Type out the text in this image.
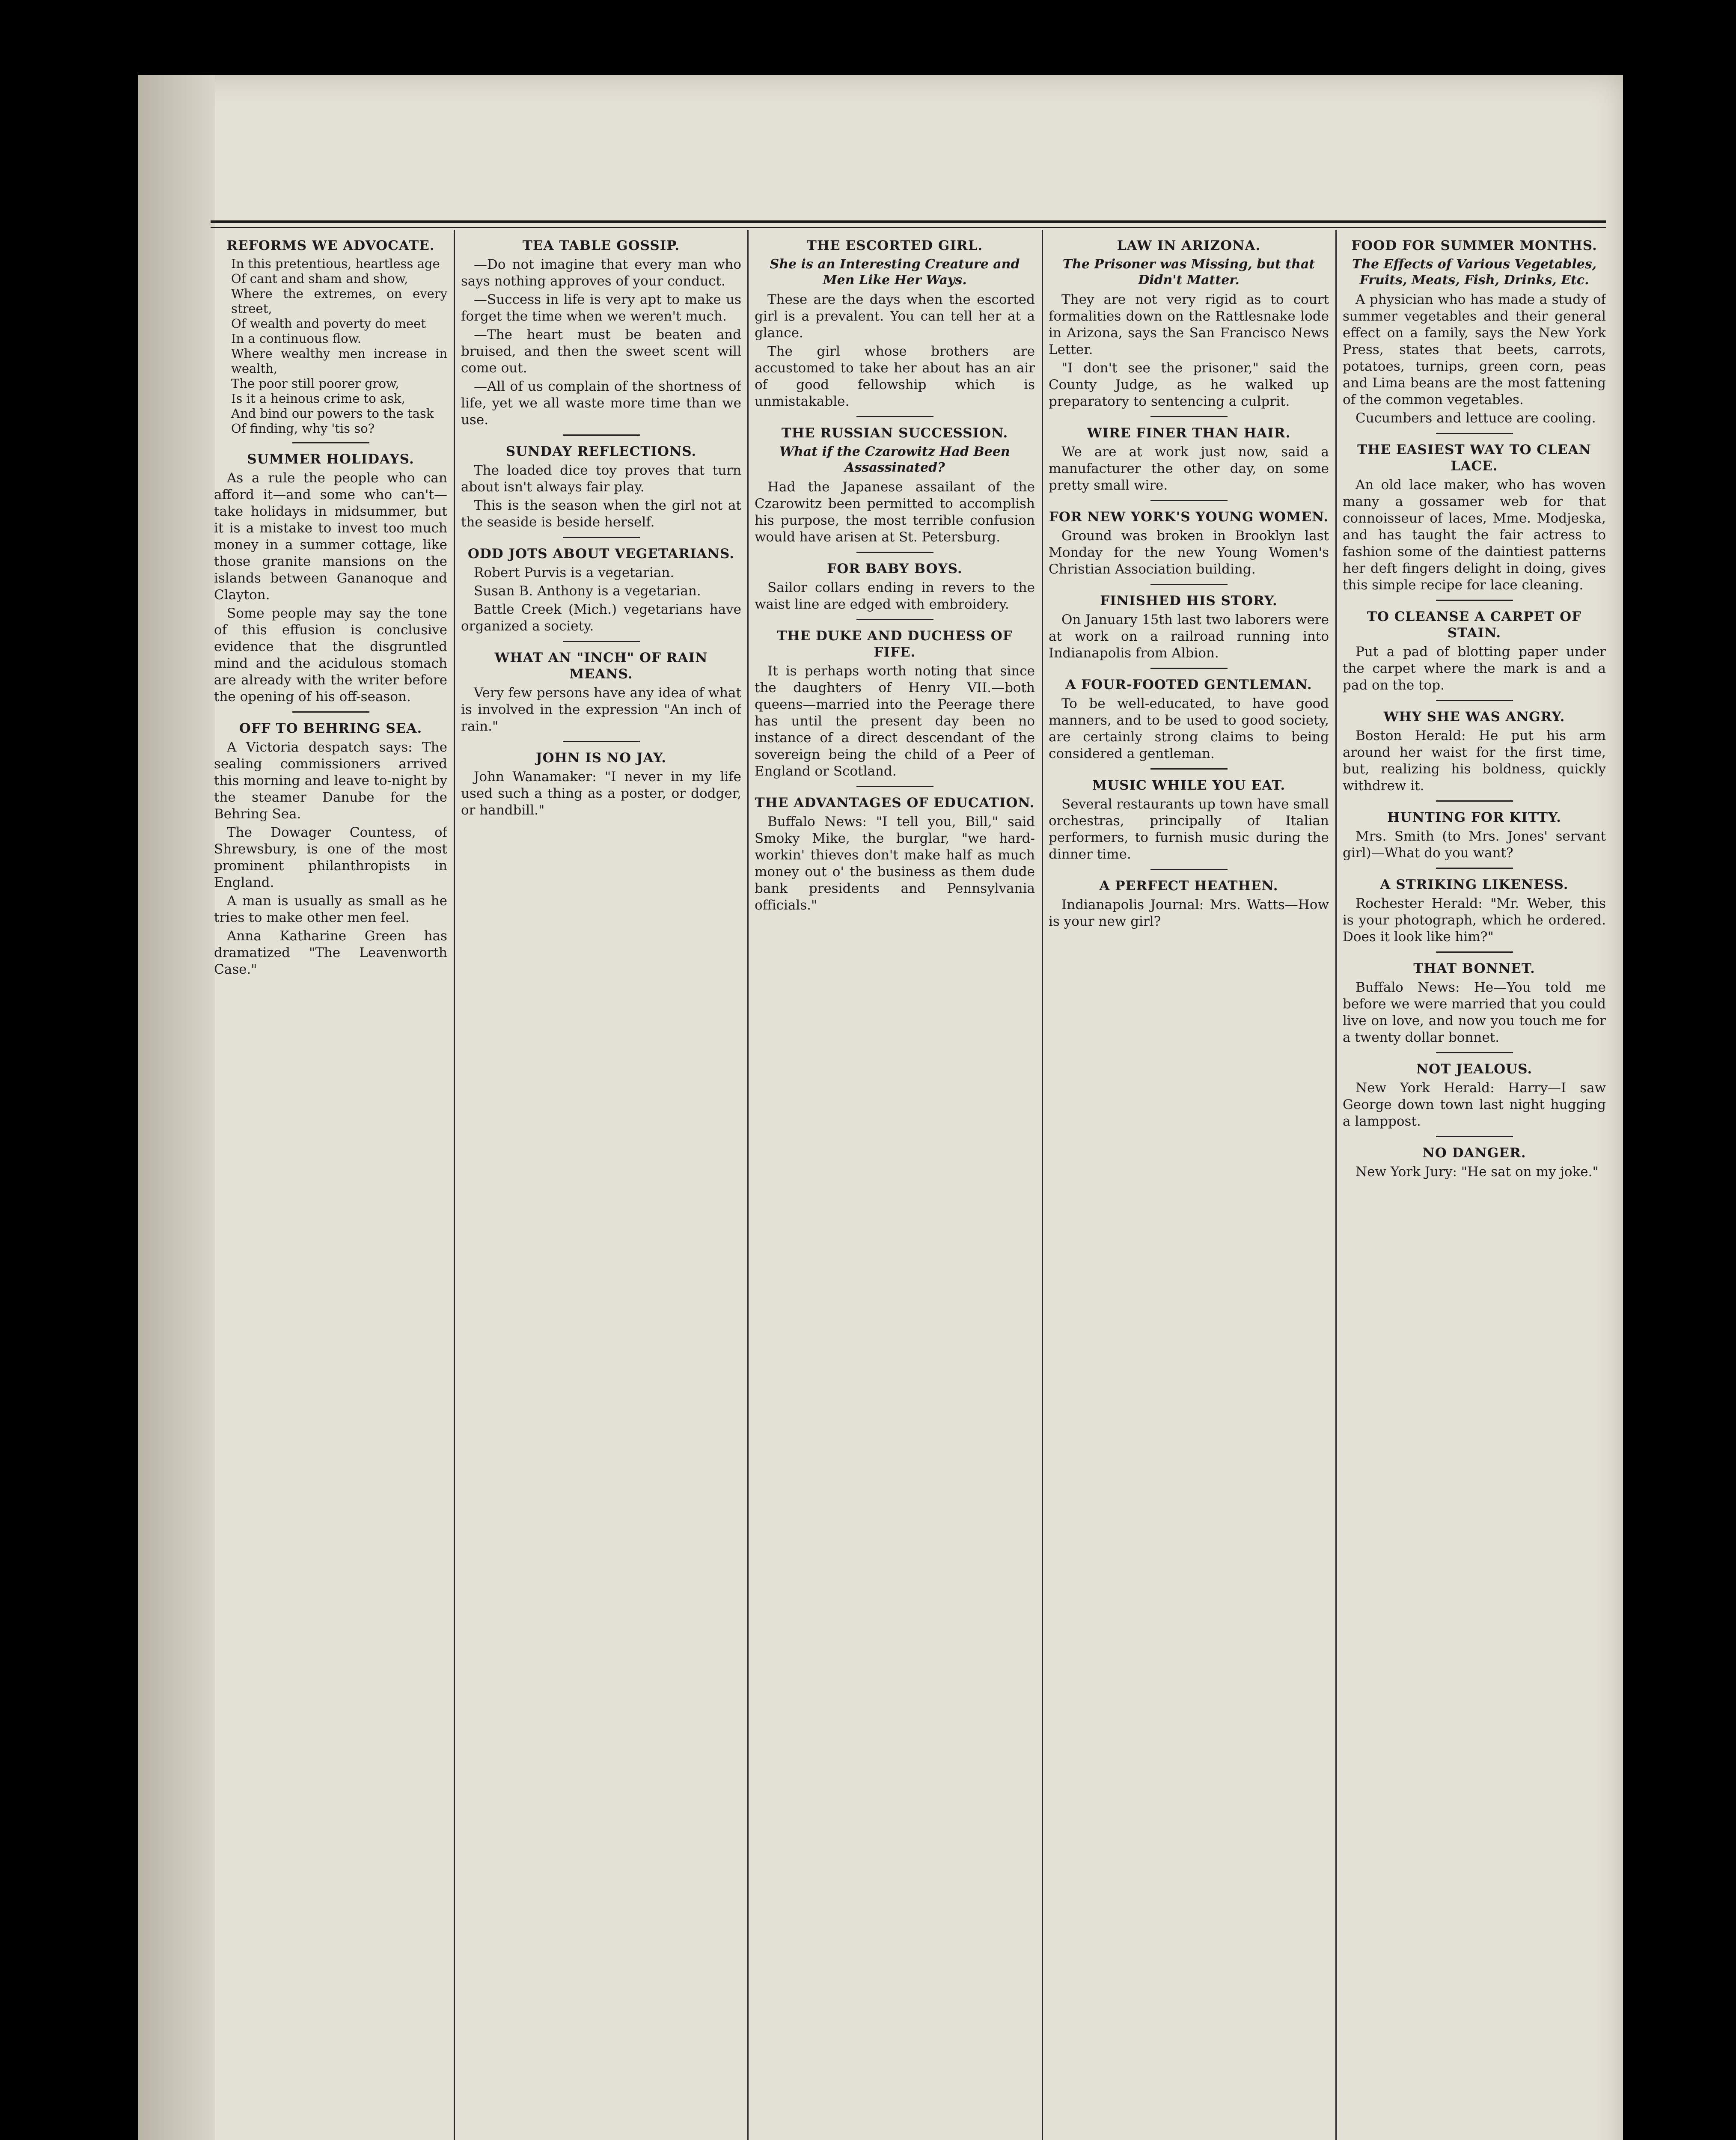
REFORMS WE ADVOCATE.

In this pretentious, heartless age

Of cant and sham and show,

Where the extremes, on every street,

Of wealth and poverty do meet

In a continuous flow.

Where wealthy men increase in wealth,

The poor still poorer grow,

Is it a heinous crime to ask,

And bind our powers to the task

Of finding, why 'tis so?

SUMMER HOLIDAYS.

As a rule the people who can afford it—and some who can't—take holidays in midsummer, but it is a mistake to invest too much money in a summer cottage, like those granite mansions on the islands between Gananoque and Clayton.

Some people may say the tone of this effusion is conclusive evidence that the disgruntled mind and the acidulous stomach are already with the writer before the opening of his off-season.

OFF TO BEHRING SEA.

A Victoria despatch says: The sealing commissioners arrived this morning and leave to-night by the steamer Danube for the Behring Sea.

The Dowager Countess, of Shrewsbury, is one of the most prominent philanthropists in England.

A man is usually as small as he tries to make other men feel.

Anna Katharine Green has dramatized "The Leavenworth Case."

TEA TABLE GOSSIP.

—Do not imagine that every man who says nothing approves of your conduct.

—Success in life is very apt to make us forget the time when we weren't much.

—The heart must be beaten and bruised, and then the sweet scent will come out.

—All of us complain of the shortness of life, yet we all waste more time than we use.

SUNDAY REFLECTIONS.

The loaded dice toy proves that turn about isn't always fair play.

This is the season when the girl not at the seaside is beside herself.

ODD JOTS ABOUT VEGETARIANS.

Robert Purvis is a vegetarian.

Susan B. Anthony is a vegetarian.

Battle Creek (Mich.) vegetarians have organized a society.

WHAT AN "INCH" OF RAIN MEANS.

Very few persons have any idea of what is involved in the expression "An inch of rain."

JOHN IS NO JAY.

John Wanamaker: "I never in my life used such a thing as a poster, or dodger, or handbill."

THE ESCORTED GIRL.
She is an Interesting Creature and Men Like Her Ways.

These are the days when the escorted girl is a prevalent. You can tell her at a glance.

The girl whose brothers are accustomed to take her about has an air of good fellowship which is unmistakable.

THE RUSSIAN SUCCESSION.
What if the Czarowitz Had Been Assassinated?

Had the Japanese assailant of the Czarowitz been permitted to accomplish his purpose, the most terrible confusion would have arisen at St. Petersburg.

FOR BABY BOYS.

Sailor collars ending in revers to the waist line are edged with embroidery.

THE DUKE AND DUCHESS OF FIFE.

It is perhaps worth noting that since the daughters of Henry VII.—both queens—married into the Peerage there has until the present day been no instance of a direct descendant of the sovereign being the child of a Peer of England or Scotland.

THE ADVANTAGES OF EDUCATION.

Buffalo News: "I tell you, Bill," said Smoky Mike, the burglar, "we hard-workin' thieves don't make half as much money out o' the business as them dude bank presidents and Pennsylvania officials."

LAW IN ARIZONA.
The Prisoner was Missing, but that Didn't Matter.

They are not very rigid as to court formalities down on the Rattlesnake lode in Arizona, says the San Francisco News Letter.

"I don't see the prisoner," said the County Judge, as he walked up preparatory to sentencing a culprit.

WIRE FINER THAN HAIR.

We are at work just now, said a manufacturer the other day, on some pretty small wire.

FOR NEW YORK'S YOUNG WOMEN.

Ground was broken in Brooklyn last Monday for the new Young Women's Christian Association building.

FINISHED HIS STORY.

On January 15th last two laborers were at work on a railroad running into Indianapolis from Albion.

A FOUR-FOOTED GENTLEMAN.

To be well-educated, to have good manners, and to be used to good society, are certainly strong claims to being considered a gentleman.

MUSIC WHILE YOU EAT.

Several restaurants up town have small orchestras, principally of Italian performers, to furnish music during the dinner time.

A PERFECT HEATHEN.

Indianapolis Journal: Mrs. Watts—How is your new girl?

FOOD FOR SUMMER MONTHS.
The Effects of Various Vegetables, Fruits, Meats, Fish, Drinks, Etc.

A physician who has made a study of summer vegetables and their general effect on a family, says the New York Press, states that beets, carrots, potatoes, turnips, green corn, peas and Lima beans are the most fattening of the common vegetables.

Cucumbers and lettuce are cooling.

THE EASIEST WAY TO CLEAN LACE.

An old lace maker, who has woven many a gossamer web for that connoisseur of laces, Mme. Modjeska, and has taught the fair actress to fashion some of the daintiest patterns her deft fingers delight in doing, gives this simple recipe for lace cleaning.

TO CLEANSE A CARPET OF STAIN.

Put a pad of blotting paper under the carpet where the mark is and a pad on the top.

WHY SHE WAS ANGRY.

Boston Herald: He put his arm around her waist for the first time, but, realizing his boldness, quickly withdrew it.

HUNTING FOR KITTY.

Mrs. Smith (to Mrs. Jones' servant girl)—What do you want?

A STRIKING LIKENESS.

Rochester Herald: "Mr. Weber, this is your photograph, which he ordered. Does it look like him?"

THAT BONNET.

Buffalo News: He—You told me before we were married that you could live on love, and now you touch me for a twenty dollar bonnet.

NOT JEALOUS.

New York Herald: Harry—I saw George down town last night hugging a lamppost.

NO DANGER.

New York Jury: "He sat on my joke."
